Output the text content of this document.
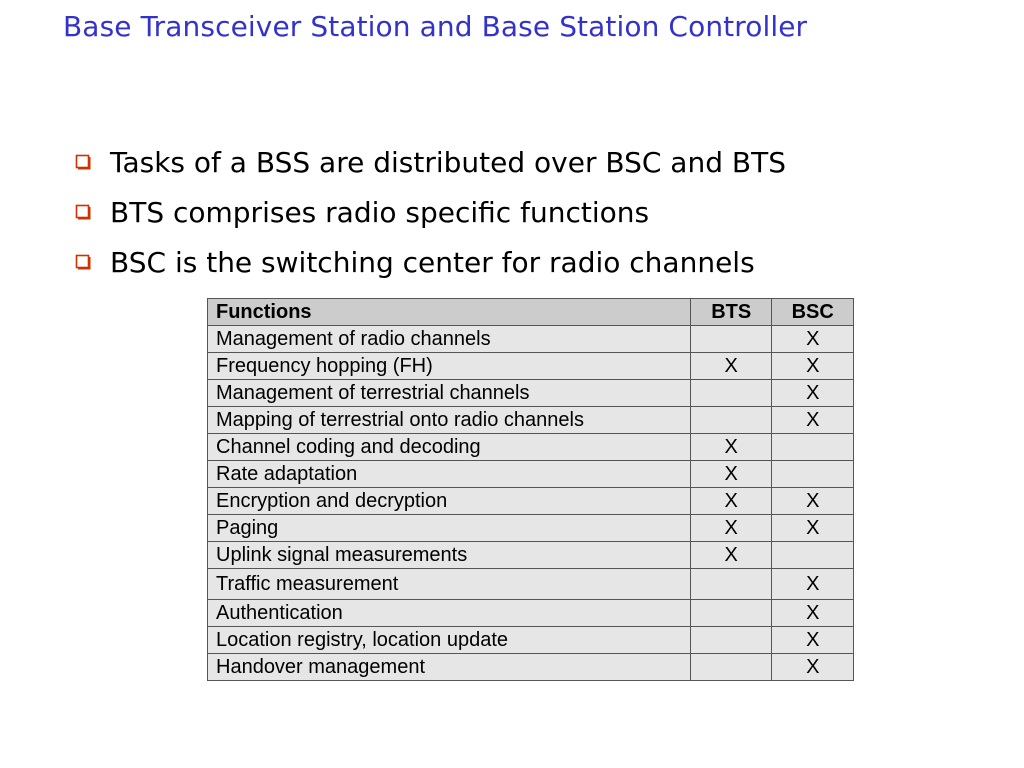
Base Transceiver Station and Base Station Controller
Tasks of a BSS are distributed over BSC and BTS
BTS comprises radio specific functions
BSC is the switching center for radio channels
Functions	BTS	BSC
Management of radio channels		X
Frequency hopping (FH)	X	X
Management of terrestrial channels		X
Mapping of terrestrial onto radio channels		X
Channel coding and decoding	X	
Rate adaptation	X	
Encryption and decryption	X	X
Paging	X	X
Uplink signal measurements	X	
Traffic measurement		X
Authentication		X
Location registry, location update		X
Handover management		X
